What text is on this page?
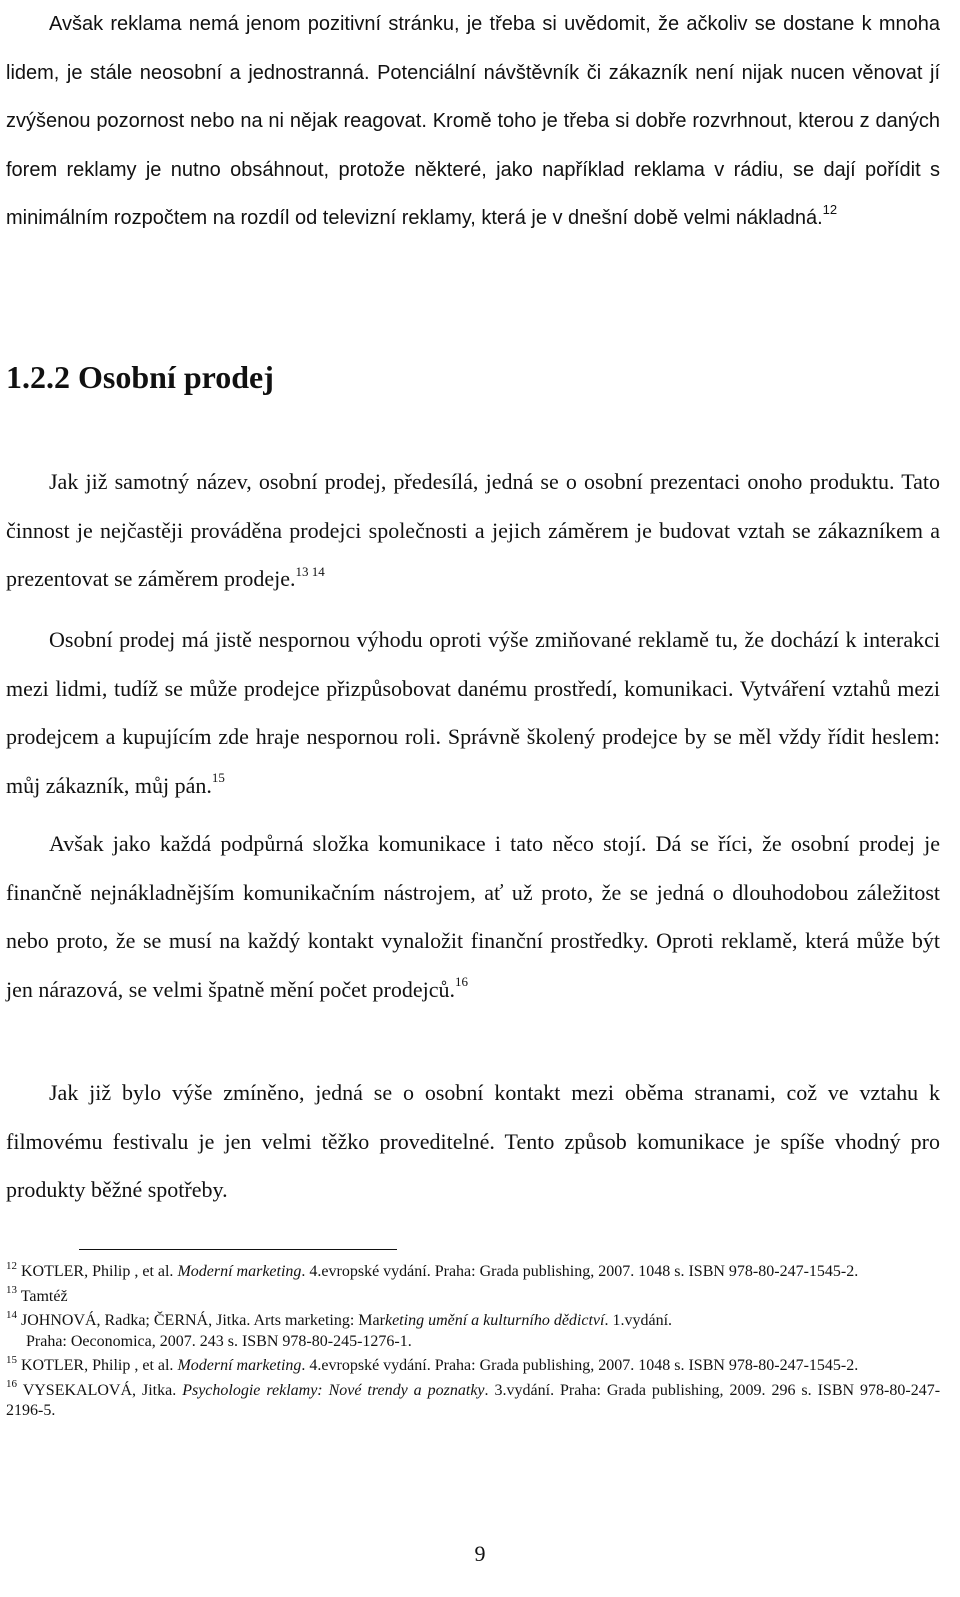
Avšak reklama nemá jenom pozitivní stránku, je třeba si uvědomit, že ačkoliv se dostane k mnoha lidem, je stále neosobní a jednostranná. Potenciální návštěvník či zákazník není nijak nucen věnovat jí zvýšenou pozornost nebo na ni nějak reagovat. Kromě toho je třeba si dobře rozvrhnout, kterou z daných forem reklamy je nutno obsáhnout, protože některé, jako například reklama v rádiu, se dají pořídit s minimálním rozpočtem na rozdíl od televizní reklamy, která je v dnešní době velmi nákladná.$^{12}$

1.2.2 Osobní prodej

Jak již samotný název, osobní prodej, předesílá, jedná se o osobní prezentaci onoho produktu. Tato činnost je nejčastěji prováděna prodejci společnosti a jejich záměrem je budovat vztah se zákazníkem a prezentovat se záměrem prodeje.$^{13 14}$

Osobní prodej má jistě nespornou výhodu oproti výše zmiňované reklamě tu, že dochází k interakci mezi lidmi, tudíž se může prodejce přizpůsobovat danému prostředí, komunikaci. Vytváření vztahů mezi prodejcem a kupujícím zde hraje nespornou roli. Správně školený prodejce by se měl vždy řídit heslem: můj zákazník, můj pán.$^{15}$

Avšak jako každá podpůrná složka komunikace i tato něco stojí. Dá se říci, že osobní prodej je finančně nejnákladnějším komunikačním nástrojem, ať už proto, že se jedná o dlouhodobou záležitost nebo proto, že se musí na každý kontakt vynaložit finanční prostředky. Oproti reklamě, která může být jen nárazová, se velmi špatně mění počet prodejců.$^{16}$

Jak již bylo výše zmíněno, jedná se o osobní kontakt mezi oběma stranami, což ve vztahu k filmovému festivalu je jen velmi těžko proveditelné. Tento způsob komunikace je spíše vhodný pro produkty běžné spotřeby.

$^{12}$ KOTLER, Philip , et al. Moderní marketing. 4.evropské vydání. Praha: Grada publishing, 2007. 1048 s. ISBN 978-80-247-1545-2.

$^{13}$ Tamtéž

$^{14}$ JOHNOVÁ, Radka; ČERNÁ, Jitka. Arts marketing: Marketing umění a kulturního dědictví. 1.vydání.
Praha: Oeconomica, 2007. 243 s. ISBN 978-80-245-1276-1.

$^{15}$ KOTLER, Philip , et al. Moderní marketing. 4.evropské vydání. Praha: Grada publishing, 2007. 1048 s. ISBN 978-80-247-1545-2.

$^{16}$ VYSEKALOVÁ, Jitka. Psychologie reklamy: Nové trendy a poznatky. 3.vydání. Praha: Grada publishing, 2009. 296 s. ISBN 978-80-247-2196-5.

9
